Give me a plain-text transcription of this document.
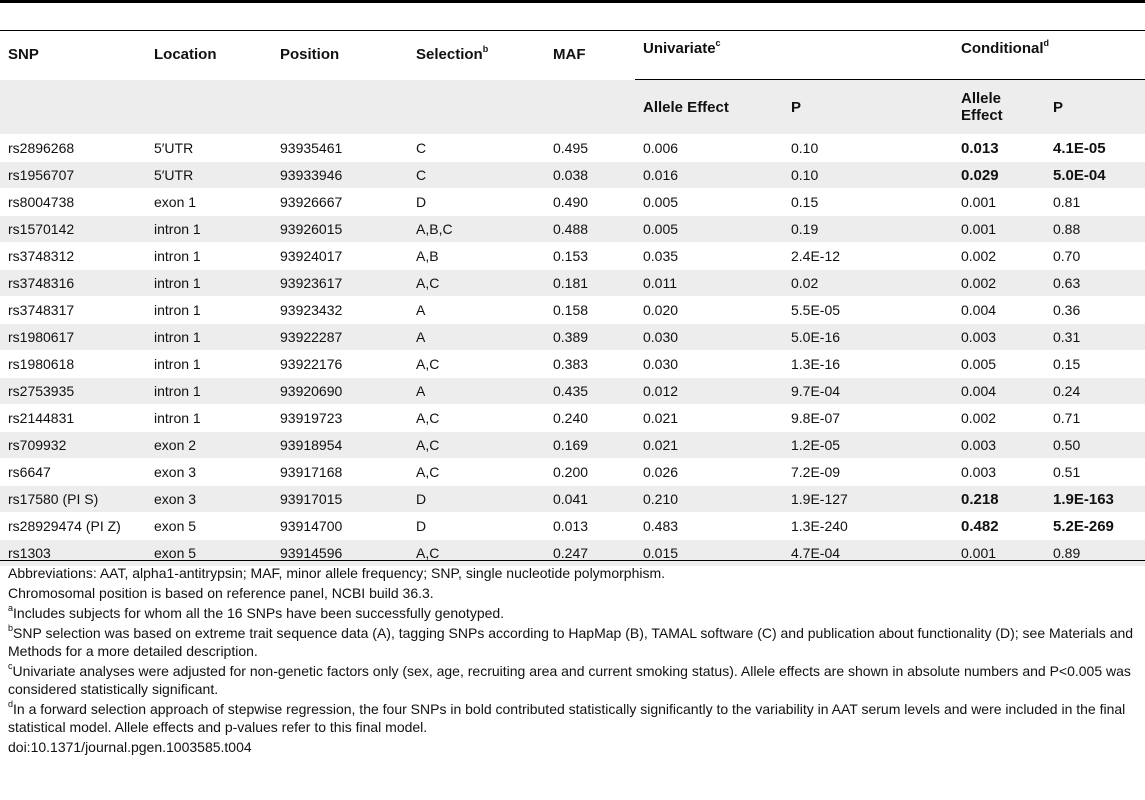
SNP	Location	Position	Selection$^b$	MAF	Univariate$^c$		Conditional$^d$
					Allele Effect	P	Allele Effect	P
rs2896268	5′UTR	93935461	C	0.495	0.006	0.10	0.013	4.1E-05
rs1956707	5′UTR	93933946	C	0.038	0.016	0.10	0.029	5.0E-04
rs8004738	exon 1	93926667	D	0.490	0.005	0.15	0.001	0.81
rs1570142	intron 1	93926015	A,B,C	0.488	0.005	0.19	0.001	0.88
rs3748312	intron 1	93924017	A,B	0.153	0.035	2.4E-12	0.002	0.70
rs3748316	intron 1	93923617	A,C	0.181	0.011	0.02	0.002	0.63
rs3748317	intron 1	93923432	A	0.158	0.020	5.5E-05	0.004	0.36
rs1980617	intron 1	93922287	A	0.389	0.030	5.0E-16	0.003	0.31
rs1980618	intron 1	93922176	A,C	0.383	0.030	1.3E-16	0.005	0.15
rs2753935	intron 1	93920690	A	0.435	0.012	9.7E-04	0.004	0.24
rs2144831	intron 1	93919723	A,C	0.240	0.021	9.8E-07	0.002	0.71
rs709932	exon 2	93918954	A,C	0.169	0.021	1.2E-05	0.003	0.50
rs6647	exon 3	93917168	A,C	0.200	0.026	7.2E-09	0.003	0.51
rs17580 (PI S)	exon 3	93917015	D	0.041	0.210	1.9E-127	0.218	1.9E-163
rs28929474 (PI Z)	exon 5	93914700	D	0.013	0.483	1.3E-240	0.482	5.2E-269
rs1303	exon 5	93914596	A,C	0.247	0.015	4.7E-04	0.001	0.89

Abbreviations: AAT, alpha1-antitrypsin; MAF, minor allele frequency; SNP, single nucleotide polymorphism.

Chromosomal position is based on reference panel, NCBI build 36.3.

$^a$Includes subjects for whom all the 16 SNPs have been successfully genotyped.

$^b$SNP selection was based on extreme trait sequence data (A), tagging SNPs according to HapMap (B), TAMAL software (C) and publication about functionality (D); see Materials and Methods for a more detailed description.

$^c$Univariate analyses were adjusted for non-genetic factors only (sex, age, recruiting area and current smoking status). Allele effects are shown in absolute numbers and P<0.005 was considered statistically significant.

$^d$In a forward selection approach of stepwise regression, the four SNPs in bold contributed statistically significantly to the variability in AAT serum levels and were included in the final statistical model. Allele effects and p-values refer to this final model.

doi:10.1371/journal.pgen.1003585.t004
